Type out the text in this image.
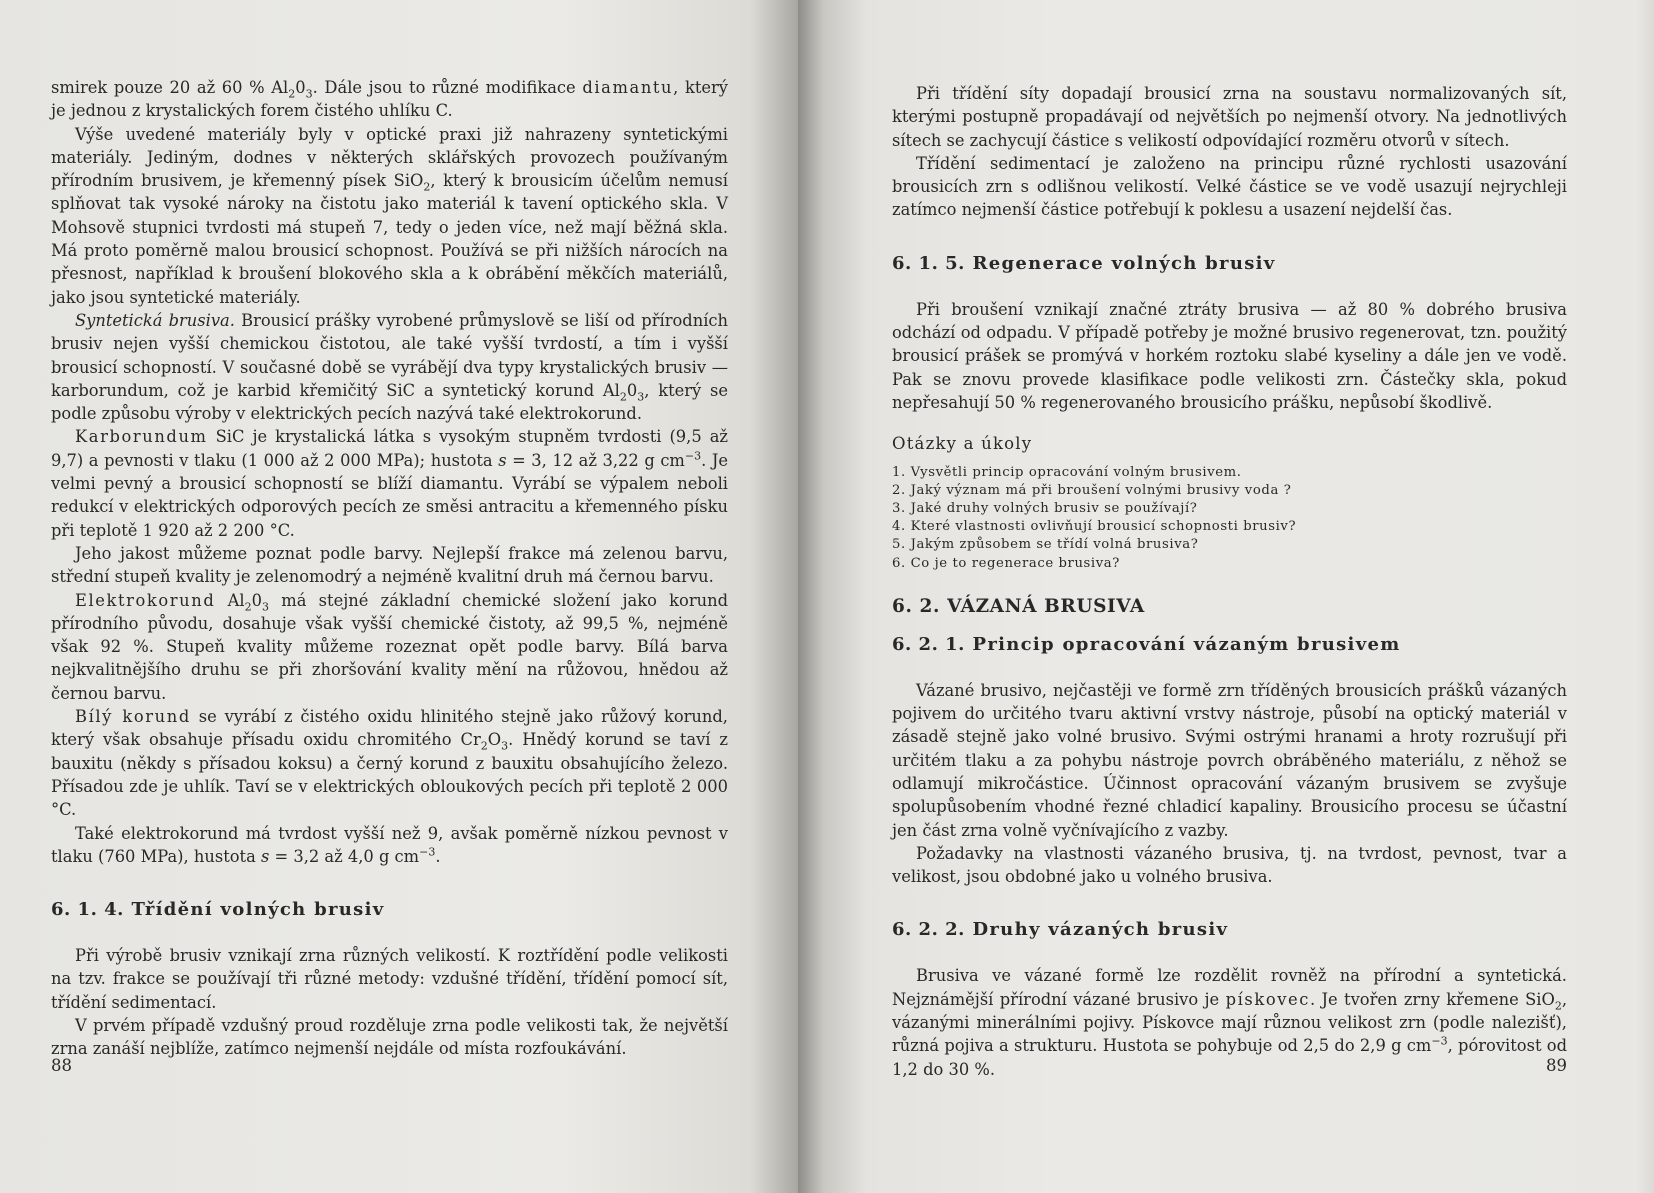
smirek pouze 20 až 60 % $Al_20_3$. Dále jsou to různé modifikace diamantu, který je jednou z krystalických forem čistého uhlíku C.

Výše uvedené materiály byly v optické praxi již nahrazeny syntetickými materiály. Jediným, dodnes v některých sklářských provozech používaným přírodním brusivem, je křemenný písek SiO$_2$, který k brousicím účelům nemusí splňovat tak vysoké nároky na čistotu jako materiál k tavení optického skla. V Mohsově stupnici tvrdosti má stupeň 7, tedy o jeden více, než mají běžná skla. Má proto poměrně malou brousicí schopnost. Používá se při nižších nárocích na přesnost, například k broušení blokového skla a k obrábění měkčích materiálů, jako jsou syntetické materiály.

Syntetická brusiva. Brousicí prášky vyrobené průmyslově se liší od přírodních brusiv nejen vyšší chemickou čistotou, ale také vyšší tvrdostí, a tím i vyšší brousicí schopností. V současné době se vyrábějí dva typy krystalických brusiv — karborundum, což je karbid křemičitý SiC a syntetický korund $Al_20_3$, který se podle způsobu výroby v elektrických pecích nazývá také elektrokorund.

Karborundum SiC je krystalická látka s vysokým stupněm tvrdosti (9,5 až 9,7) a pevnosti v tlaku (1 000 až 2 000 MPa); hustota s = 3, 12 až 3,22 g $cm^{-3}$. Je velmi pevný a brousicí schopností se blíží diamantu. Vyrábí se výpalem neboli redukcí v elektrických odporových pecích ze směsi antracitu a křemenného písku při teplotě 1 920 až 2 200 °C.

Jeho jakost můžeme poznat podle barvy. Nejlepší frakce má zelenou barvu, střední stupeň kvality je zelenomodrý a nejméně kvalitní druh má černou barvu.

Elektrokorund $Al_20_3$ má stejné základní chemické složení jako korund přírodního původu, dosahuje však vyšší chemické čistoty, až 99,5 %, nejméně však 92 %. Stupeň kvality můžeme rozeznat opět podle barvy. Bílá barva nejkvalitnějšího druhu se při zhoršování kvality mění na růžovou, hnědou až černou barvu.

Bílý korund se vyrábí z čistého oxidu hlinitého stejně jako růžový korund, který však obsahuje přísadu oxidu chromitého $Cr_2O_3$. Hnědý korund se taví z bauxitu (někdy s přísadou koksu) a černý korund z bauxitu obsahujícího železo. Přísadou zde je uhlík. Taví se v elektrických obloukových pecích při teplotě 2 000 °C.

Také elektrokorund má tvrdost vyšší než 9, avšak poměrně nízkou pevnost v tlaku (760 MPa), hustota s = 3,2 až 4,0 g $cm^{-3}$.

6. 1. 4. Třídění volných brusiv

Při výrobě brusiv vznikají zrna různých velikostí. K roztřídění podle velikosti na tzv. frakce se používají tři různé metody: vzdušné třídění, třídění pomocí sít, třídění sedimentací.

V prvém případě vzdušný proud rozděluje zrna podle velikosti tak, že největší zrna zanáší nejblíže, zatímco nejmenší nejdále od místa rozfoukávání.

88

Při třídění síty dopadají brousicí zrna na soustavu normalizovaných sít, kterými postupně propadávají od největších po nejmenší otvory. Na jednotlivých sítech se zachycují částice s velikostí odpovídající rozměru otvorů v sítech.

Třídění sedimentací je založeno na principu různé rychlosti usazování brousicích zrn s odlišnou velikostí. Velké částice se ve vodě usazují nejrychleji zatímco nejmenší částice potřebují k poklesu a usazení nejdelší čas.

6. 1. 5. Regenerace volných brusiv

Při broušení vznikají značné ztráty brusiva — až 80 % dobrého brusiva odchází od odpadu. V případě potřeby je možné brusivo regenerovat, tzn. použitý brousicí prášek se promývá v horkém roztoku slabé kyseliny a dále jen ve vodě. Pak se znovu provede klasifikace podle velikosti zrn. Částečky skla, pokud nepřesahují 50 % regenerovaného brousicího prášku, nepůsobí škodlivě.

Otázky a úkoly
1. Vysvětli princip opracování volným brusivem.
2. Jaký význam má při broušení volnými brusivy voda ?
3. Jaké druhy volných brusiv se používají?
4. Které vlastnosti ovlivňují brousicí schopnosti brusiv?
5. Jakým způsobem se třídí volná brusiva?
6. Co je to regenerace brusiva?
6. 2. VÁZANÁ BRUSIVA
6. 2. 1. Princip opracování vázaným brusivem

Vázané brusivo, nejčastěji ve formě zrn tříděných brousicích prášků vázaných pojivem do určitého tvaru aktivní vrstvy nástroje, působí na optický materiál v zásadě stejně jako volné brusivo. Svými ostrými hranami a hroty rozrušují při určitém tlaku a za pohybu nástroje povrch obráběného materiálu, z něhož se odlamují mikročástice. Účinnost opracování vázaným brusivem se zvyšuje spolupůsobením vhodné řezné chladicí kapaliny. Brousicího procesu se účastní jen část zrna volně vyčnívajícího z vazby.

Požadavky na vlastnosti vázaného brusiva, tj. na tvrdost, pevnost, tvar a velikost, jsou obdobné jako u volného brusiva.

6. 2. 2. Druhy vázaných brusiv

Brusiva ve vázané formě lze rozdělit rovněž na přírodní a syntetická. Nejznámější přírodní vázané brusivo je pískovec. Je tvořen zrny křemene SiO$_2$, vázanými minerálními pojivy. Pískovce mají různou velikost zrn (podle nalezišť), různá pojiva a strukturu. Hustota se pohybuje od 2,5 do 2,9 g $cm^{-3}$, pórovitost od 1,2 do 30 %.	89
